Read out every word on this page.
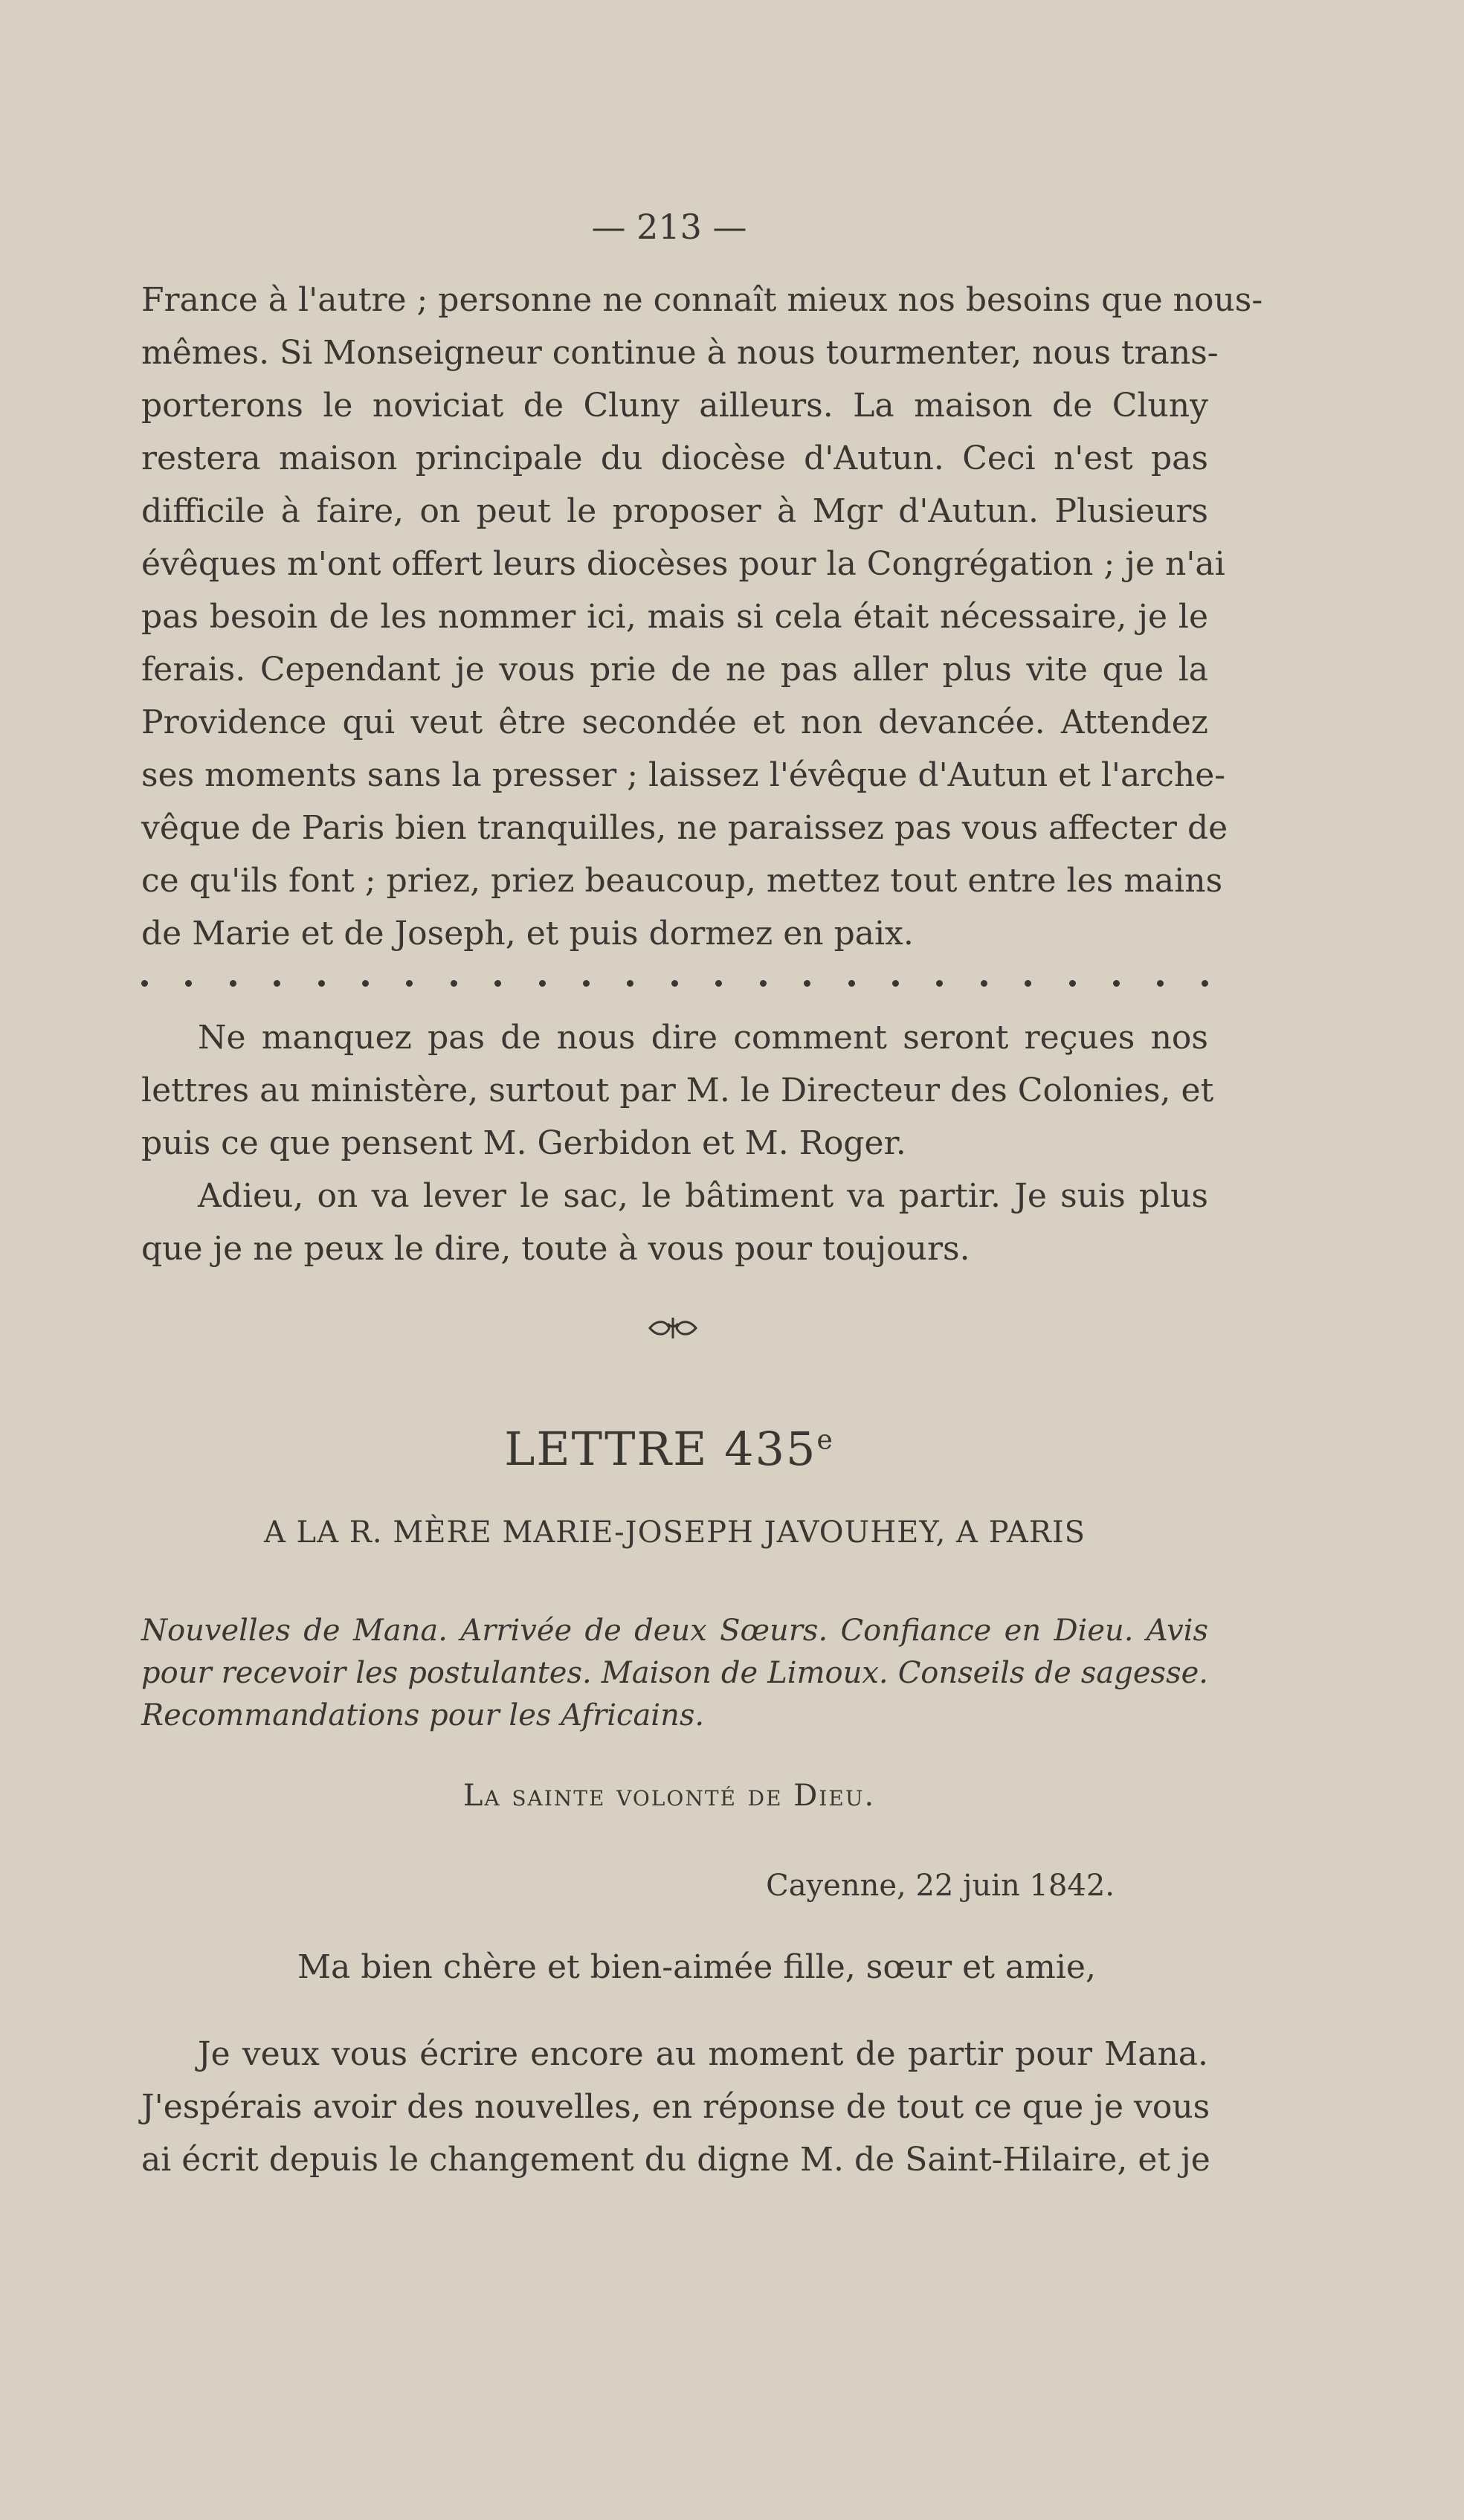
— 213 —
France à l'autre ; personne ne connaît mieux nos besoins que nous-
mêmes. Si Monseigneur continue à nous tourmenter, nous trans-
porterons le noviciat de Cluny ailleurs. La maison de Cluny
restera maison principale du diocèse d'Autun. Ceci n'est pas
difficile à faire, on peut le proposer à Mgr d'Autun. Plusieurs
évêques m'ont offert leurs diocèses pour la Congrégation ; je n'ai
pas besoin de les nommer ici, mais si cela était nécessaire, je le
ferais. Cependant je vous prie de ne pas aller plus vite que la
Providence qui veut être secondée et non devancée. Attendez
ses moments sans la presser ; laissez l'évêque d'Autun et l'arche-
vêque de Paris bien tranquilles, ne paraissez pas vous affecter de
ce qu'ils font ; priez, priez beaucoup, mettez tout entre les mains
de Marie et de Joseph, et puis dormez en paix.
Ne manquez pas de nous dire comment seront reçues nos
lettres au ministère, surtout par M. le Directeur des Colonies, et
puis ce que pensent M. Gerbidon et M. Roger.
Adieu, on va lever le sac, le bâtiment va partir. Je suis plus
que je ne peux le dire, toute à vous pour toujours.
LETTRE 435e
A LA R. MÈRE MARIE-JOSEPH JAVOUHEY, A PARIS
Nouvelles de Mana. Arrivée de deux Sœurs. Confiance en Dieu. Avis
pour recevoir les postulantes. Maison de Limoux. Conseils de sagesse.
Recommandations pour les Africains.
La sainte volonté de Dieu.
Cayenne, 22 juin 1842.
Ma bien chère et bien-aimée fille, sœur et amie,
Je veux vous écrire encore au moment de partir pour Mana.
J'espérais avoir des nouvelles, en réponse de tout ce que je vous
ai écrit depuis le changement du digne M. de Saint-Hilaire, et je
